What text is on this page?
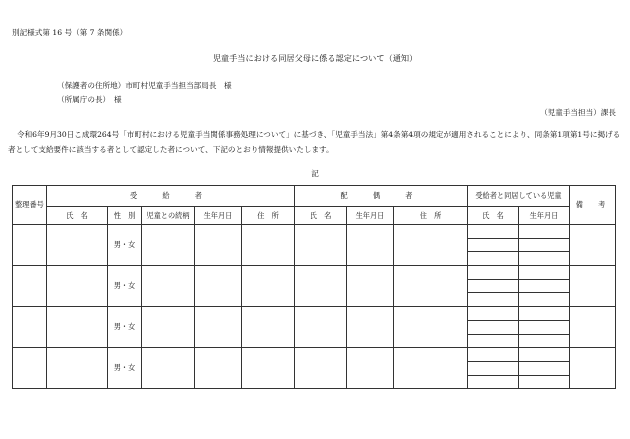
別記様式第 16 号（第 7 条関係）
児童手当における同居父母に係る認定について（通知）
（保護者の住所地）市町村児童手当担当部局長　様
（所属庁の長）　様
（児童手当担当）課長
令和6年9月30日こ成環264号「市町村における児童手当関係事務処理について」に基づき、「児童手当法」第4条第4項の規定が適用されることにより、同条第1項第1号に掲げる者として支給要件に該当する者として認定した者について、下記のとおり情報提供いたします。
記
整理番号	受　給　者					配　偶　者			受給者と同居している児童		備　考
	氏　名	性　別	児童との続柄	生年月日	住　所	氏　名	生年月日	住　所	氏　名	生年月日	
		男・女									

		男・女									

		男・女									

		男・女									
